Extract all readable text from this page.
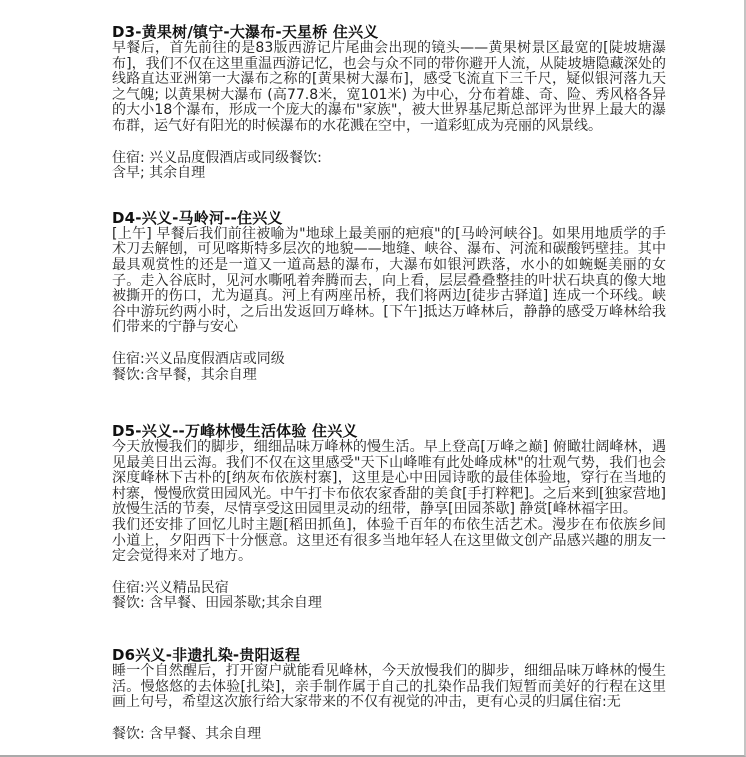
D3-黄果树/镇宁-大瀑布-天星桥 住兴义

早餐后，首先前往的是83版西游记片尾曲会出现的镜头——黄果树景区最宽的[陡坡塘瀑布]，我们不仅在这里重温西游记忆，也会与众不同的带你避开人流，从陡坡塘隐藏深处的线路直达亚洲第一大瀑布之称的[黄果树大瀑布]，感受飞流直下三千尺，疑似银河落九天之气魄; 以黄果树大瀑布 (高77.8米，宽101米) 为中心，分布着雄、奇、险、秀风格各异的大小18个瀑布，形成一个庞大的瀑布"家族"，被大世界基尼斯总部评为世界上最大的瀑布群，运气好有阳光的时候瀑布的水花溅在空中，一道彩虹成为亮丽的风景线。

住宿: 兴义品度假酒店或同级餐饮:
含早; 其余自理
D4-兴义-马岭河--住兴义

[上午] 早餐后我们前往被喻为"地球上最美丽的疤痕"的[马岭河峡谷]。如果用地质学的手术刀去解刨，可见喀斯特多层次的地貌——地缝、峡谷、瀑布、河流和碳酸钙壁挂。其中最具观赏性的还是一道又一道高悬的瀑布，大瀑布如银河跌落，水小的如蜿蜒美丽的女子。走入谷底时，见河水嘶吼着奔腾而去，向上看，层层叠叠整挂的叶状石块真的像大地被撕开的伤口，尤为逼真。河上有两座吊桥，我们将两边[徒步古驿道] 连成一个环线。峡谷中游玩约两小时，之后出发返回万峰林。[下午]抵达万峰林后，静静的感受万峰林给我们带来的宁静与安心

住宿:兴义品度假酒店或同级
餐饮:含早餐，其余自理
D5-兴义--万峰林慢生活体验 住兴义

今天放慢我们的脚步，细细品味万峰林的慢生活。早上登高[万峰之巅] 俯瞰壮阔峰林，遇见最美日出云海。我们不仅在这里感受"天下山峰唯有此处峰成林"的壮观气势，我们也会深度峰林下古朴的[纳灰布依族村寨]，这里是心中田园诗歌的最佳体验地，穿行在当地的村寨，慢慢欣赏田园风光。中午打卡布依农家香甜的美食[手打粹粑]。之后来到[独家营地]放慢生活的节奏，尽情享受这田园里灵动的纽带，静享[田园茶歇] 静赏[峰林福字田。

我们还安排了回忆儿时主题[稻田抓鱼]，体验千百年的布依生活艺术。漫步在布依族乡间小道上，夕阳西下十分惬意。这里还有很多当地年轻人在这里做文创产品感兴趣的朋友一定会觉得来对了地方。

住宿:兴义精品民宿
餐饮: 含早餐、田园茶歇;其余自理
D6兴义-非遗扎染-贵阳返程

睡一个自然醒后，打开窗户就能看见峰林，今天放慢我们的脚步，细细品味万峰林的慢生活。慢悠悠的去体验[扎染]，亲手制作属于自己的扎染作品我们短暂而美好的行程在这里画上句号，希望这次旅行给大家带来的不仅有视觉的冲击，更有心灵的归属住宿:无

餐饮: 含早餐、其余自理
